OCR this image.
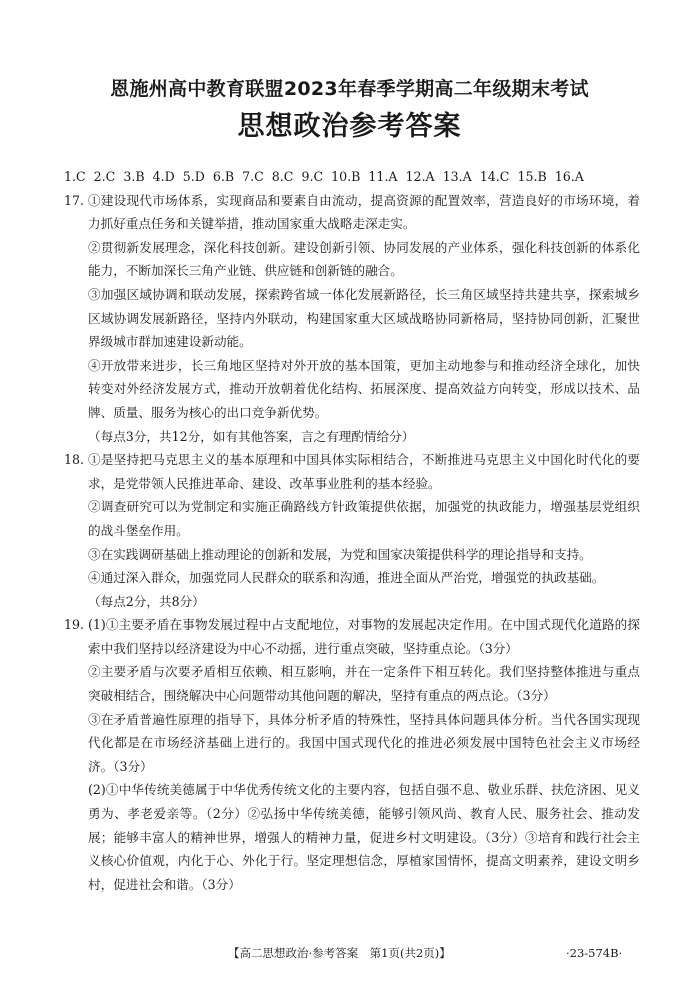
恩施州高中教育联盟2023年春季学期高二年级期末考试
思想政治参考答案
1.C 2.C 3.B 4.D 5.D 6.B 7.C 8.C 9.C 10.B 11.A 12.A 13.A 14.C 15.B 16.A
17. ①建设现代市场体系，实现商品和要素自由流动，提高资源的配置效率，营造良好的市场环境，着力抓好重点任务和关键举措，推动国家重大战略走深走实。
②贯彻新发展理念，深化科技创新。建设创新引领、协同发展的产业体系，强化科技创新的体系化能力，不断加深长三角产业链、供应链和创新链的融合。
③加强区域协调和联动发展，探索跨省域一体化发展新路径，长三角区域坚持共建共享，探索城乡区域协调发展新路径，坚持内外联动，构建国家重大区域战略协同新格局，坚持协同创新，汇聚世界级城市群加速建设新动能。
④开放带来进步，长三角地区坚持对外开放的基本国策，更加主动地参与和推动经济全球化，加快转变对外经济发展方式，推动开放朝着优化结构、拓展深度、提高效益方向转变，形成以技术、品牌、质量、服务为核心的出口竞争新优势。
（每点3分，共12分，如有其他答案，言之有理酌情给分）
18. ①是坚持把马克思主义的基本原理和中国具体实际相结合，不断推进马克思主义中国化时代化的要求，是党带领人民推进革命、建设、改革事业胜利的基本经验。
②调查研究可以为党制定和实施正确路线方针政策提供依据，加强党的执政能力，增强基层党组织的战斗堡垒作用。
③在实践调研基础上推动理论的创新和发展，为党和国家决策提供科学的理论指导和支持。
④通过深入群众，加强党同人民群众的联系和沟通，推进全面从严治党，增强党的执政基础。
（每点2分，共8分）
19. (1)①主要矛盾在事物发展过程中占支配地位，对事物的发展起决定作用。在中国式现代化道路的探索中我们坚持以经济建设为中心不动摇，进行重点突破，坚持重点论。（3分）
②主要矛盾与次要矛盾相互依赖、相互影响，并在一定条件下相互转化。我们坚持整体推进与重点突破相结合，围绕解决中心问题带动其他问题的解决，坚持有重点的两点论。（3分）
③在矛盾普遍性原理的指导下，具体分析矛盾的特殊性，坚持具体问题具体分析。当代各国实现现代化都是在市场经济基础上进行的。我国中国式现代化的推进必须发展中国特色社会主义市场经济。（3分）
(2)①中华传统美德属于中华优秀传统文化的主要内容，包括自强不息、敬业乐群、扶危济困、见义勇为、孝老爱亲等。（2分）②弘扬中华传统美德，能够引领风尚、教育人民、服务社会、推动发展；能够丰富人的精神世界，增强人的精神力量，促进乡村文明建设。（3分）③培育和践行社会主义核心价值观，内化于心、外化于行。坚定理想信念，厚植家国情怀，提高文明素养，建设文明乡村，促进社会和谐。（3分）
【高二思想政治·参考答案　第1页(共2页)】	·23-574B·
